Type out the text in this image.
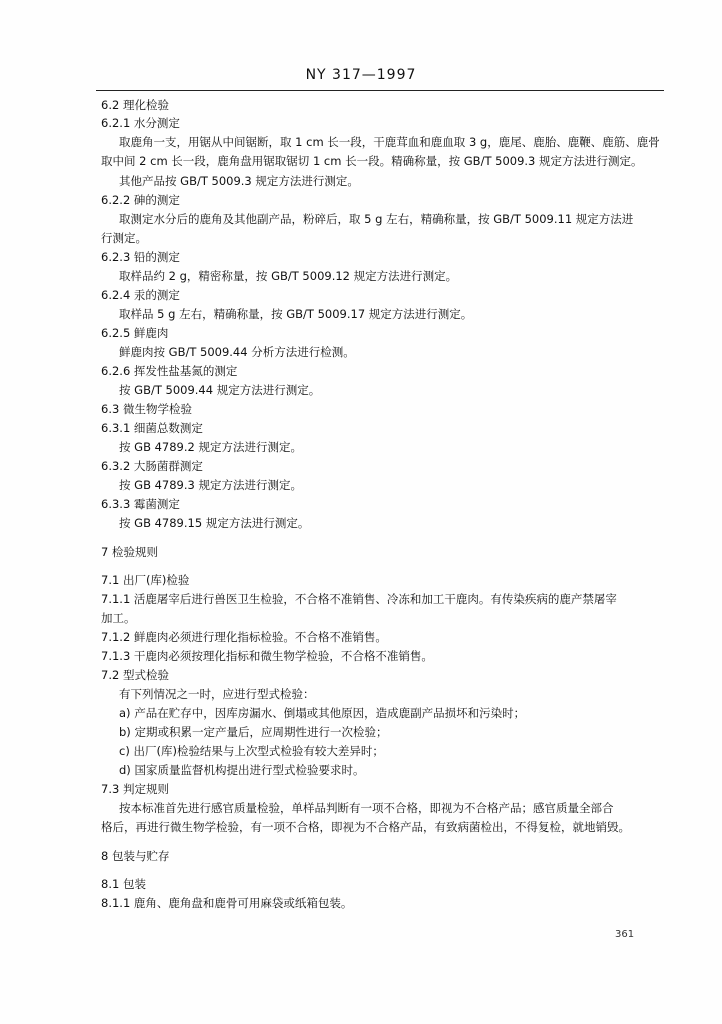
NY 317—1997
6.2 理化检验
6.2.1 水分测定
取鹿角一支，用锯从中间锯断，取 1 cm 长一段，干鹿茸血和鹿血取 3 g，鹿尾、鹿胎、鹿鞭、鹿筋、鹿骨
取中间 2 cm 长一段，鹿角盘用锯取锯切 1 cm 长一段。精确称量，按 GB/T 5009.3 规定方法进行测定。
其他产品按 GB/T 5009.3 规定方法进行测定。
6.2.2 砷的测定
取测定水分后的鹿角及其他副产品，粉碎后，取 5 g 左右，精确称量，按 GB/T 5009.11 规定方法进
行测定。
6.2.3 铅的测定
取样品约 2 g，精密称量，按 GB/T 5009.12 规定方法进行测定。
6.2.4 汞的测定
取样品 5 g 左右，精确称量，按 GB/T 5009.17 规定方法进行测定。
6.2.5 鲜鹿肉
鲜鹿肉按 GB/T 5009.44 分析方法进行检测。
6.2.6 挥发性盐基氮的测定
按 GB/T 5009.44 规定方法进行测定。
6.3 微生物学检验
6.3.1 细菌总数测定
按 GB 4789.2 规定方法进行测定。
6.3.2 大肠菌群测定
按 GB 4789.3 规定方法进行测定。
6.3.3 霉菌测定
按 GB 4789.15 规定方法进行测定。
7 检验规则
7.1 出厂(库)检验
7.1.1 活鹿屠宰后进行兽医卫生检验，不合格不准销售、冷冻和加工干鹿肉。有传染疾病的鹿产禁屠宰
加工。
7.1.2 鲜鹿肉必须进行理化指标检验。不合格不准销售。
7.1.3 干鹿肉必须按理化指标和微生物学检验，不合格不准销售。
7.2 型式检验
有下列情况之一时，应进行型式检验：
a) 产品在贮存中，因库房漏水、倒塌或其他原因，造成鹿副产品损坏和污染时；
b) 定期或积累一定产量后，应周期性进行一次检验；
c) 出厂(库)检验结果与上次型式检验有较大差异时；
d) 国家质量监督机构提出进行型式检验要求时。
7.3 判定规则
按本标准首先进行感官质量检验，单样品判断有一项不合格，即视为不合格产品；感官质量全部合
格后，再进行微生物学检验，有一项不合格，即视为不合格产品，有致病菌检出，不得复检，就地销毁。
8 包装与贮存
8.1 包装
8.1.1 鹿角、鹿角盘和鹿骨可用麻袋或纸箱包装。
361
